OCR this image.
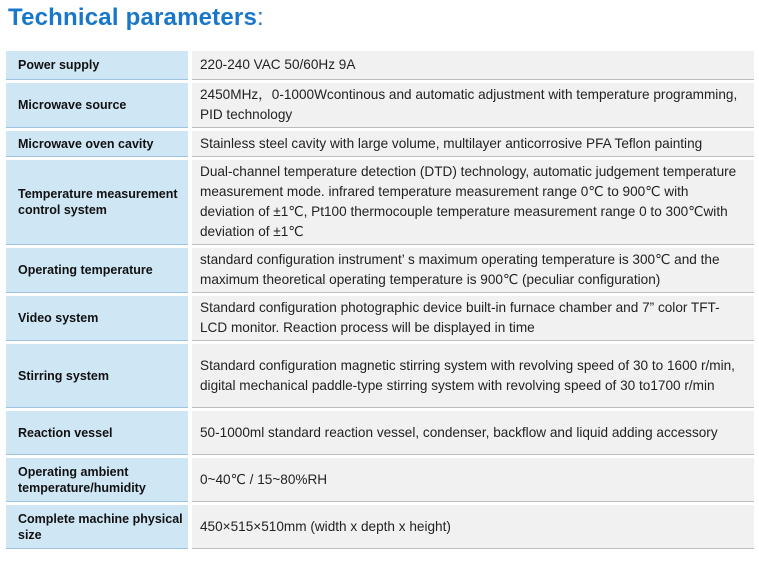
Technical parameters:
Power supply		220-240 VAC 50/60Hz 9A
Microwave source		2450MHz，0-1000Wcontinous and automatic adjustment with temperature programming, PID technology
Microwave oven cavity		Stainless steel cavity with large volume, multilayer anticorrosive PFA Teflon painting
Temperature measurement control system		Dual-channel temperature detection (DTD) technology, automatic judgement temperature measurement mode. infrared temperature measurement range 0℃ to 900℃ with deviation of ±1℃, Pt100 thermocouple temperature measurement range 0 to 300℃with deviation of ±1℃
Operating temperature		standard configuration instrument’ s maximum operating temperature is 300℃ and the maximum theoretical operating temperature is 900℃ (peculiar configuration)
Video system		Standard configuration photographic device built-in furnace chamber and 7” color TFT-LCD monitor. Reaction process will be displayed in time
Stirring system		Standard configuration magnetic stirring system with revolving speed of 30 to 1600 r/min, digital mechanical paddle-type stirring system with revolving speed of 30 to1700 r/min
Reaction vessel		50-1000ml standard reaction vessel, condenser, backflow and liquid adding accessory
Operating ambient temperature/humidity		0~40℃ / 15~80%RH
Complete machine physical size		450×515×510mm (width x depth x height)
